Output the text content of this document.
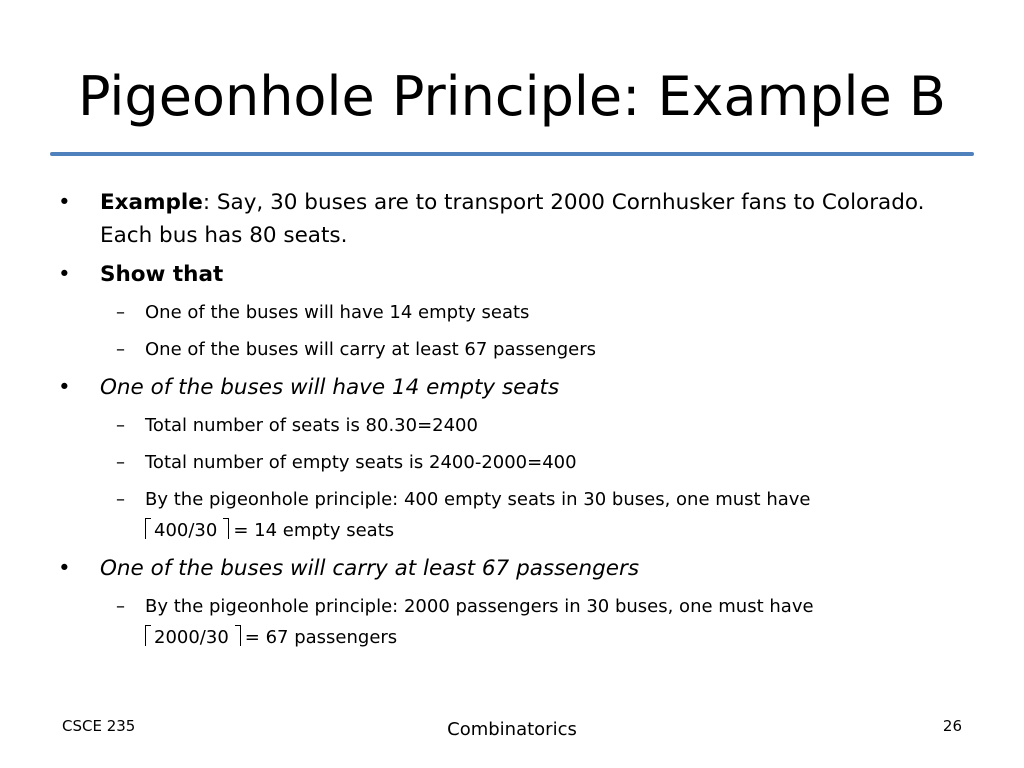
Pigeonhole Principle: Example B
• Example: Say, 30 buses are to transport 2000 Cornhusker fans to Colorado.
Each bus has 80 seats.
• Show that
– One of the buses will have 14 empty seats
– One of the buses will carry at least 67 passengers
• One of the buses will have 14 empty seats
– Total number of seats is 80.30=2400
– Total number of empty seats is 2400-2000=400
– By the pigeonhole principle: 400 empty seats in 30 buses, one must have
400/30 = 14 empty seats
• One of the buses will carry at least 67 passengers
– By the pigeonhole principle: 2000 passengers in 30 buses, one must have
2000/30 = 67 passengers
CSCE 235	Combinatorics	26
